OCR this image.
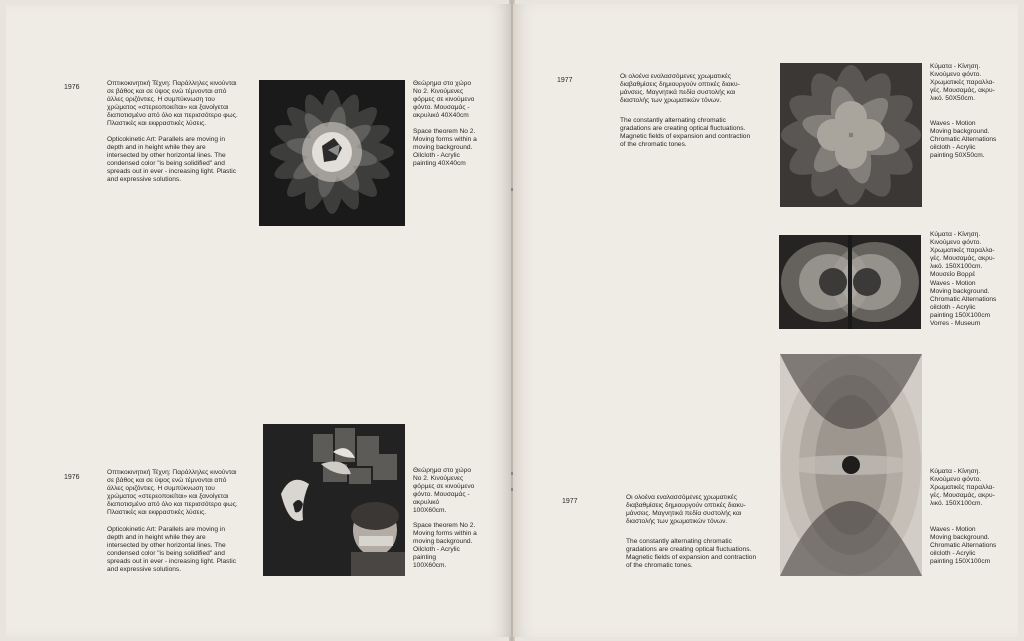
1976

Οπτικοκινητική Τέχνη: Παράλληλες κινούνται
σε βάθος και σε ύψος ενώ τέμνονται από
άλλες οριζόντιες. Η συμπύκνωση του
χρώματος «στερεοποιείται» και ξανοίγεται
διαποτισμένο από όλο και περισσότερο φως.
Πλαστικές και εκφραστικές λύσεις.

Opticokinetic Art: Parallels are moving in
depth and in height while they are
intersected by other horizontal lines. The
condensed color "is being solidified" and
spreads out in ever - increasing light. Plastic
and expressive solutions.

Θεώρημα στο χώρο
Νο 2. Κινούμενες
φόρμες σε κινούμενο
φόντο. Μουσαμάς -
ακρυλικό 40Χ40cm

Space theorem No 2.
Moving forms within a
moving background.
Oilcloth - Acrylic
painting 40X40cm

1976

Οπτικοκινητική Τέχνη: Παράλληλες κινούνται
σε βάθος και σε ύψος ενώ τέμνονται από
άλλες οριζόντιες. Η συμπύκνωση του
χρώματος «στερεοποιείται» και ξανοίγεται
διαποτισμένο από όλο και περισσότερο φως.
Πλαστικές και εκφραστικές λύσεις.

Opticokinetic Art: Parallels are moving in
depth and in height while they are
intersected by other horizontal lines. The
condensed color "is being solidified" and
spreads out in ever - increasing light. Plastic
and expressive solutions.

Θεώρημα στο χώρο
Νο 2. Κινούμενες
φόρμες σε κινούμενο
φόντο. Μουσαμάς -
ακρυλικό
100Χ60cm.

Space theorem No 2.
Moving forms within a
moving background.
Oilcloth - Acrylic
painting
100X60cm.

1977

Οι ολοένα εναλασσόμενες χρωματικές
διαβαθμίσεις δημιουργούν οπτικές διακυ-
μάνσεις. Μαγνητικά πεδία συστολής και
διαστολής των χρωματικών τόνων.

The constantly alternating chromatic
gradations are creating optical fluctuations.
Magnetic fields of expansion and contraction
of the chromatic tones.

Κύματα - Κίνηση.
Κινούμενο φόντο.
Χρωματικές παραλλα-
γές. Μουσαμάς, ακρυ-
λικό. 50Χ50cm.

Waves - Motion
Moving background.
Chromatic Alternations
oilcloth - Acrylic
painting 50X50cm.

Κύματα - Κίνηση.
Κινούμενο φόντο.
Χρωματικές παραλλα-
γές. Μουσαμάς, ακρυ-
λικό. 150Χ100cm.
Μουσείο Βορρέ

Waves - Motion
Moving background.
Chromatic Alternations
oilcloth - Acrylic
painting 150X100cm
Vorres - Museum

1977

Οι ολοένα εναλασσόμενες χρωματικές
διαβαθμίσεις δημιουργούν οπτικές διακυ-
μάνσεις. Μαγνητικά πεδία συστολής και
διαστολής των χρωματικών τόνων.

The constantly alternating chromatic
gradations are creating optical fluctuations.
Magnetic fields of expansion and contraction
of the chromatic tones.

Κύματα - Κίνηση.
Κινούμενο φόντο.
Χρωματικές παραλλα-
γές. Μουσαμάς, ακρυ-
λικό. 150Χ100cm.

Waves - Motion
Moving background.
Chromatic Alternations
oilcloth - Acrylic
painting 150X100cm
